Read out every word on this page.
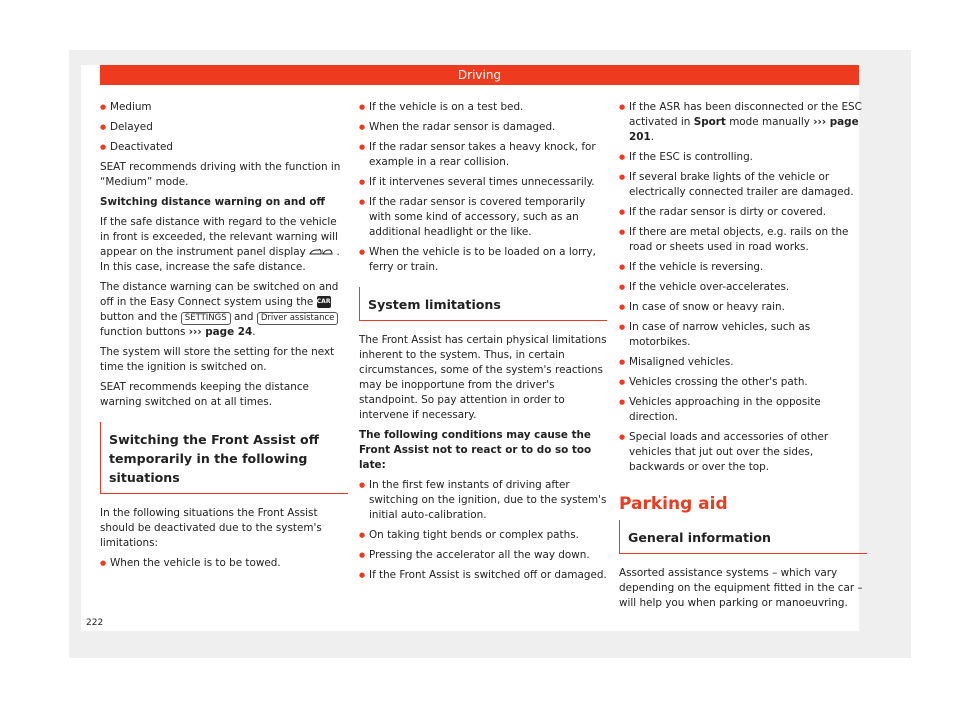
Driving
● Medium
● Delayed
● Deactivated

SEAT recommends driving with the function in “Medium” mode.

Switching distance warning on and off

If the safe distance with regard to the vehicle in front is exceeded, the relevant warning will appear on the instrument panel display	! . In this case, increase the safe distance.

The distance warning can be switched on and off in the Easy Connect system using the CAR button and the SETTINGS and Driver assistance function buttons ››› page 24.

The system will store the setting for the next time the ignition is switched on.

SEAT recommends keeping the distance warning switched on at all times.

Switching the Front Assist off temporarily in the following situations

In the following situations the Front Assist should be deactivated due to the system's limitations:

● When the vehicle is to be towed.
● If the vehicle is on a test bed.
● When the radar sensor is damaged.
● If the radar sensor takes a heavy knock, for example in a rear collision.
● If it intervenes several times unnecessarily.
● If the radar sensor is covered temporarily with some kind of accessory, such as an additional headlight or the like.
● When the vehicle is to be loaded on a lorry, ferry or train.
System limitations

The Front Assist has certain physical limitations inherent to the system. Thus, in certain circumstances, some of the system's reactions may be inopportune from the driver's standpoint. So pay attention in order to intervene if necessary.

The following conditions may cause the Front Assist not to react or to do so too late:

● In the first few instants of driving after switching on the ignition, due to the system's initial auto-calibration.
● On taking tight bends or complex paths.
● Pressing the accelerator all the way down.
● If the Front Assist is switched off or damaged.
● If the ASR has been disconnected or the ESC activated in Sport mode manually ››› page 201.
● If the ESC is controlling.
● If several brake lights of the vehicle or electrically connected trailer are damaged.
● If the radar sensor is dirty or covered.
● If there are metal objects, e.g. rails on the road or sheets used in road works.
● If the vehicle is reversing.
● If the vehicle over-accelerates.
● In case of snow or heavy rain.
● In case of narrow vehicles, such as motorbikes.
● Misaligned vehicles.
● Vehicles crossing the other's path.
● Vehicles approaching in the opposite direction.
● Special loads and accessories of other vehicles that jut out over the sides, backwards or over the top.
Parking aid
General information

Assorted assistance systems – which vary depending on the equipment fitted in the car – will help you when parking or manoeuvring.

222
